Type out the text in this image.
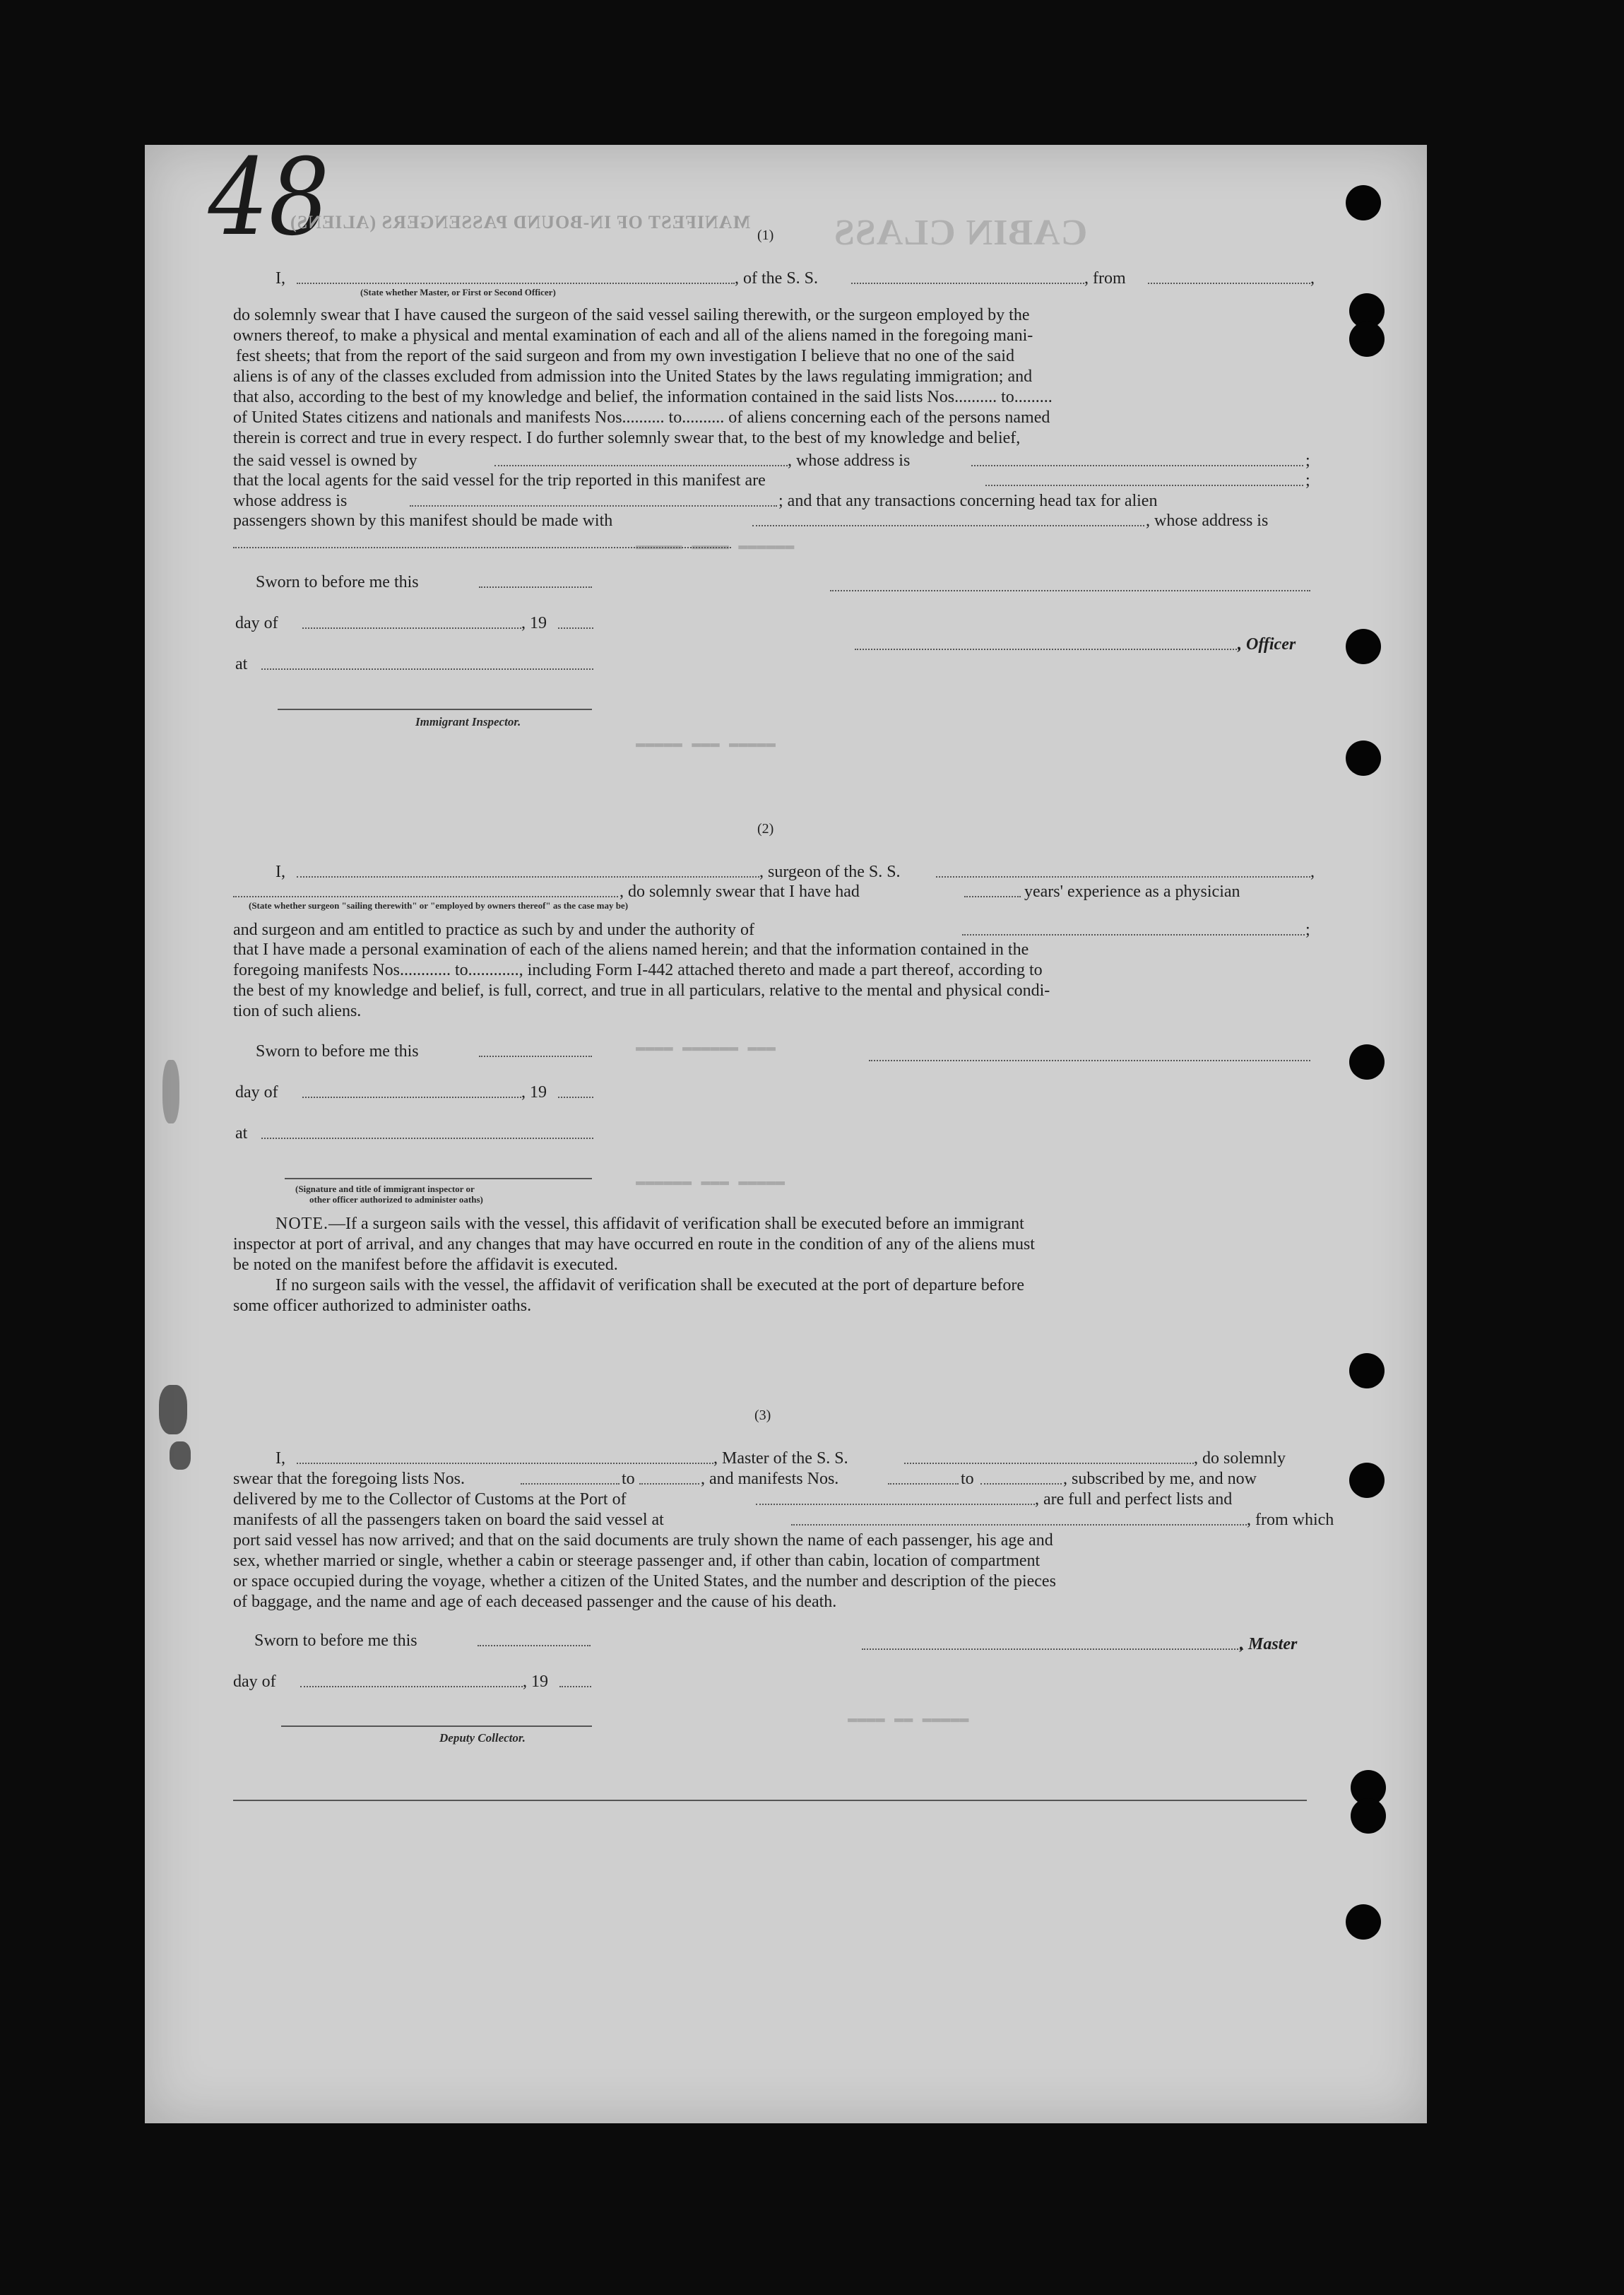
48
MANIFEST OF IN-BOUND PASSENGERS (ALIENS) CABIN CLASS
▬▬▬▬▬ ▬▬▬▬ ▬▬▬▬▬▬
▬▬▬▬▬ ▬▬▬ ▬▬▬▬▬
▬▬▬▬ ▬▬▬▬▬▬ ▬▬▬
▬▬▬▬▬▬ ▬▬▬ ▬▬▬▬▬
▬▬▬▬ ▬▬ ▬▬▬▬▬
(1)
I,	, of the S. S.	, from	,
(State whether Master, or First or Second Officer)
do solemnly swear that I have caused the surgeon of the said vessel sailing therewith, or the surgeon employed by the
owners thereof, to make a physical and mental examination of each and all of the aliens named in the foregoing mani-
fest sheets; that from the report of the said surgeon and from my own investigation I believe that no one of the said
aliens is of any of the classes excluded from admission into the United States by the laws regulating immigration; and
that also, according to the best of my knowledge and belief, the information contained in the said lists Nos.......... to.........
of United States citizens and nationals and manifests Nos.......... to.......... of aliens concerning each of the persons named
therein is correct and true in every respect. I do further solemnly swear that, to the best of my knowledge and belief,
the said vessel is owned by	, whose address is	;
that the local agents for the said vessel for the trip reported in this manifest are	;
whose address is	; and that any transactions concerning head tax for alien
passengers shown by this manifest should be made with	, whose address is
Sworn to before me this
day of	, 19
, Officer
at
Immigrant Inspector.
(2)
I,	, surgeon of the S. S.	,
, do solemnly swear that I have had	years' experience as a physician
(State whether surgeon "sailing therewith" or "employed by owners thereof" as the case may be)
and surgeon and am entitled to practice as such by and under the authority of	;
that I have made a personal examination of each of the aliens named herein; and that the information contained in the
foregoing manifests Nos............ to............, including Form I-442 attached thereto and made a part thereof, according to
the best of my knowledge and belief, is full, correct, and true in all particulars, relative to the mental and physical condi-
tion of such aliens.
Sworn to before me this
day of	, 19
at
(Signature and title of immigrant inspector or
other officer authorized to administer oaths)
NOTE.—If a surgeon sails with the vessel, this affidavit of verification shall be executed before an immigrant
inspector at port of arrival, and any changes that may have occurred en route in the condition of any of the aliens must
be noted on the manifest before the affidavit is executed.
If no surgeon sails with the vessel, the affidavit of verification shall be executed at the port of departure before
some officer authorized to administer oaths.
(3)
I,	, Master of the S. S.	, do solemnly
swear that the foregoing lists Nos.	to	, and manifests Nos.	to	, subscribed by me, and now
delivered by me to the Collector of Customs at the Port of	, are full and perfect lists and
manifests of all the passengers taken on board the said vessel at	, from which
port said vessel has now arrived; and that on the said documents are truly shown the name of each passenger, his age and
sex, whether married or single, whether a cabin or steerage passenger and, if other than cabin, location of compartment
or space occupied during the voyage, whether a citizen of the United States, and the number and description of the pieces
of baggage, and the name and age of each deceased passenger and the cause of his death.
Sworn to before me this	, Master
day of	, 19
Deputy Collector.
